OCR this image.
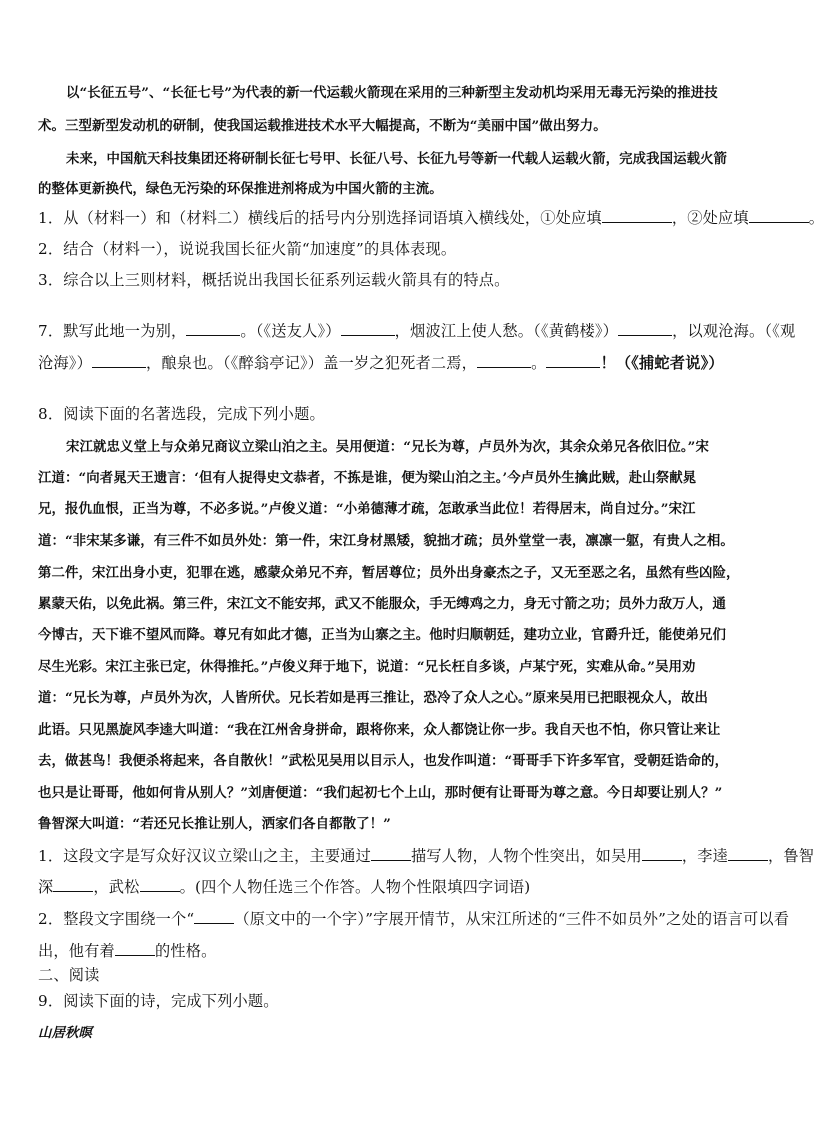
以“长征五号”、“长征七号”为代表的新一代运载火箭现在采用的三种新型主发动机均采用无毒无污染的推进技
术。三型新型发动机的研制，使我国运载推进技术水平大幅提高，不断为“美丽中国”做出努力。
未来，中国航天科技集团还将研制长征七号甲、长征八号、长征九号等新一代载人运载火箭，完成我国运载火箭
的整体更新换代，绿色无污染的环保推进剂将成为中国火箭的主流。
1．从（材料一）和（材料二）横线后的括号内分别选择词语填入横线处，①处应填	，②处应填	。
2．结合（材料一），说说我国长征火箭“加速度”的具体表现。
3．综合以上三则材料，概括说出我国长征系列运载火箭具有的特点。
7．默写此地一为别，	。（《送友人》）	，烟波江上使人愁。（《黄鹤楼》）	，以观沧海。（《观
沧海》）	，酿泉也。（《醉翁亭记》）盖一岁之犯死者二焉，	。	！（《捕蛇者说》）
8．阅读下面的名著选段，完成下列小题。
宋江就忠义堂上与众弟兄商议立梁山泊之主。吴用便道：“兄长为尊，卢员外为次，其余众弟兄各依旧位。”宋
江道：“向者晁天王遗言：‘但有人捉得史文恭者，不拣是谁，便为梁山泊之主。’今卢员外生擒此贼，赴山祭献晁
兄，报仇血恨，正当为尊，不必多说。”卢俊义道：“小弟德薄才疏，怎敢承当此位！若得居末，尚自过分。”宋江
道：“非宋某多谦，有三件不如员外处：第一件，宋江身材黑矮，貌拙才疏；员外堂堂一表，凛凛一躯，有贵人之相。
第二件，宋江出身小吏，犯罪在逃，感蒙众弟兄不弃，暂居尊位；员外出身豪杰之子，又无至恶之名，虽然有些凶险，
累蒙天佑，以免此祸。第三件，宋江文不能安邦，武又不能服众，手无缚鸡之力，身无寸箭之功；员外力敌万人，通
今博古，天下谁不望风而降。尊兄有如此才德，正当为山寨之主。他时归顺朝廷，建功立业，官爵升迁，能使弟兄们
尽生光彩。宋江主张已定，休得推托。”卢俊义拜于地下，说道：“兄长枉自多谈，卢某宁死，实难从命。”吴用劝
道：“兄长为尊，卢员外为次，人皆所伏。兄长若如是再三推让，恐冷了众人之心。”原来吴用已把眼视众人，故出
此语。只见黑旋风李逵大叫道：“我在江州舍身拼命，跟将你来，众人都饶让你一步。我自天也不怕，你只管让来让
去，做甚鸟！我便杀将起来，各自散伙！”武松见吴用以目示人，也发作叫道：“哥哥手下许多军官，受朝廷诰命的，
也只是让哥哥，他如何肯从别人？”刘唐便道：“我们起初七个上山，那时便有让哥哥为尊之意。今日却要让别人？”
鲁智深大叫道：“若还兄长推让别人，洒家们各自都散了！”
1．这段文字是写众好汉议立梁山之主，主要通过	描写人物，人物个性突出，如吴用	，李逵	，鲁智
深	，武松	。(四个人物任选三个作答。人物个性限填四字词语)
2．整段文字围绕一个“	（原文中的一个字）”字展开情节，从宋江所述的“三件不如员外”之处的语言可以看
出，他有着	的性格。
二、阅读
9．阅读下面的诗，完成下列小题。
山居秋暝
